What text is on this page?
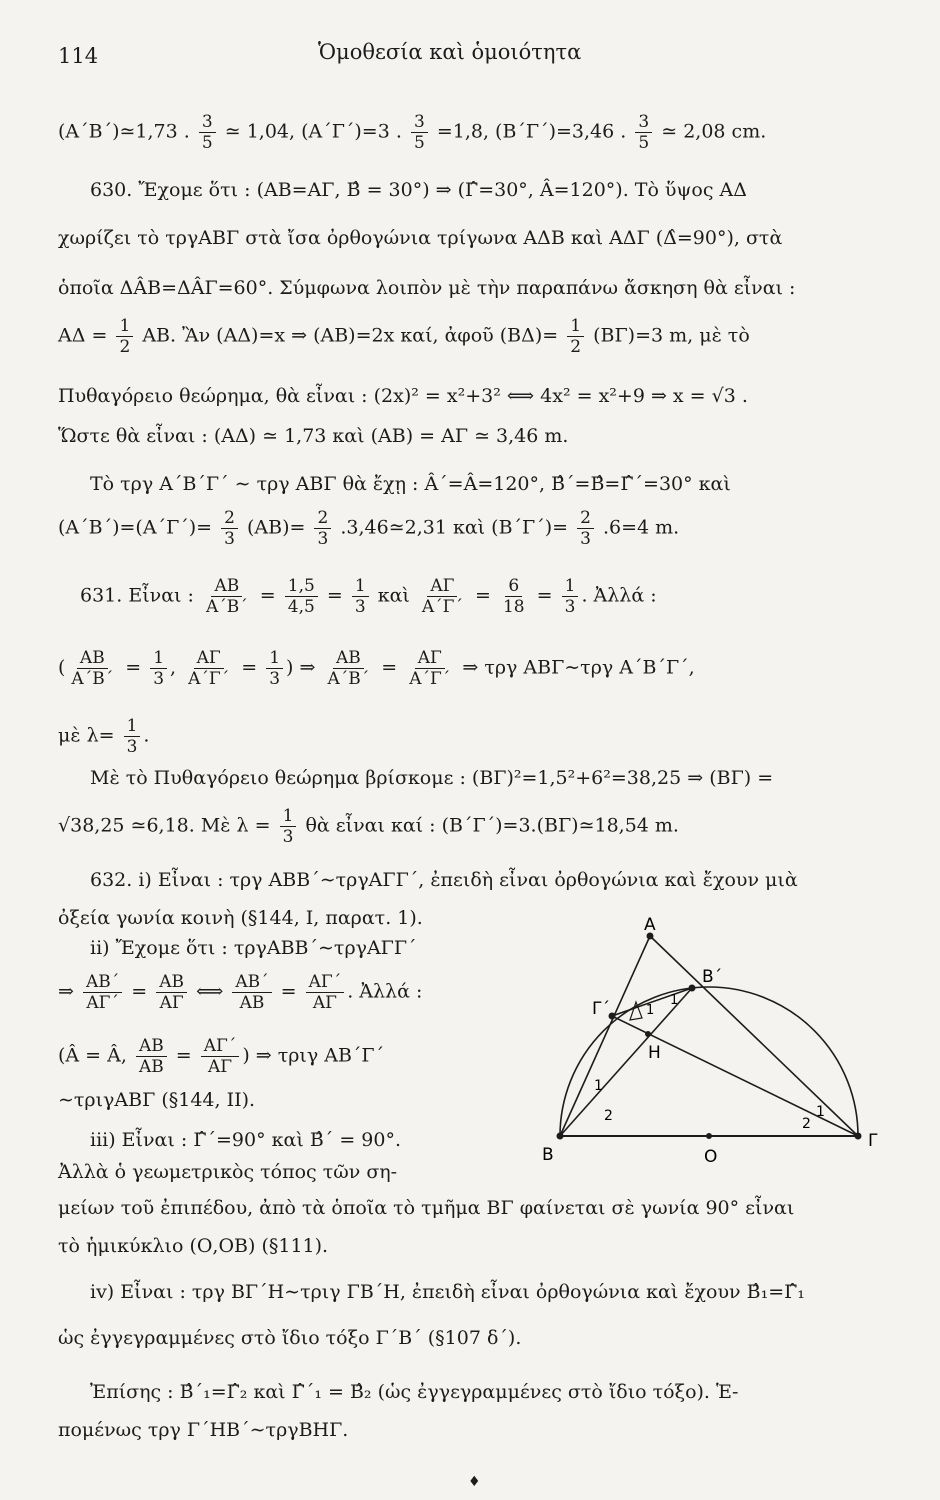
114	Ὁμοθεσία καὶ ὁμοιότητα
(Α΄Β΄)≃1,73 . $\frac{3}{5}$ ≃ 1,04, (Α΄Γ΄)=3 . $\frac{3}{5} =1,8$, (Β΄Γ΄)=3,46 . $\frac{3}{5}$ ≃ 2,08 cm.
630. Ἔχομε ὅτι : (ΑΒ=ΑΓ, Β̂ = 30°) ⇒ (Γ̂=30°, Â=120°). Τὸ ὕψος ΑΔ
χωρίζει τὸ τργΑΒΓ στὰ ἴσα ὀρθογώνια τρίγωνα ΑΔΒ καὶ ΑΔΓ (Δ̂=90°), στὰ
ὁποῖα ΔÂΒ=ΔÂΓ=60°. Σύμφωνα λοιπὸν μὲ τὴν παραπάνω ἄσκηση θὰ εἶναι :
$A\Delta = \frac{1}{2} AB$. Ἂν (ΑΔ)=x ⇒ (ΑΒ)=2x καί, ἀφοῦ $(B\Delta)= \frac{1}{2} (B\Gamma)=3$ m, μὲ τὸ
Πυθαγόρειο θεώρημα, θὰ εἶναι : (2x)² = x²+3² ⟺ 4x² = x²+9 ⇒ x = √3 .
Ὥστε θὰ εἶναι : (ΑΔ) ≃ 1,73 καὶ (ΑΒ) = ΑΓ ≃ 3,46 m.
Τὸ τργ Α΄Β΄Γ΄ ∼ τργ ΑΒΓ θὰ ἔχῃ : Â΄=Â=120°, Β̂΄=Β̂=Γ̂΄=30° καὶ
$(A΄B΄)=(A΄\Gamma΄)= \frac{2}{3} (AB)= \frac{2}{3}$ .3,46≃2,31 καὶ $(B΄\Gamma΄)= \frac{2}{3} .6=4$ m.
631. Εἶναι : $\frac{AB}{A΄B΄} = \frac{1,5}{4,5} = \frac{1}{3}$ καὶ $\frac{A\Gamma}{A΄\Gamma΄} = \frac{6}{18} = \frac{1}{3}$ . Ἀλλά :
( $\frac{AB}{A΄B΄} = \frac{1}{3}$ , $\frac{A\Gamma}{A΄\Gamma΄} = \frac{1}{3}$ ) ⇒ $\frac{AB}{A΄B΄} = \frac{A\Gamma}{A΄\Gamma΄}$ ⇒ τργ ΑΒΓ∼τργ Α΄Β΄Γ΄,
μὲ $\lambda= \frac{1}{3}$ .
Μὲ τὸ Πυθαγόρειο θεώρημα βρίσκομε : (ΒΓ)²=1,5²+6²=38,25 ⇒ (ΒΓ) =
√38,25 ≃6,18. Μὲ $\lambda = \frac{1}{3}$ θὰ εἶναι καί : (Β΄Γ΄)=3.(ΒΓ)≃18,54 m.
632. i) Εἶναι : τργ ΑΒΒ΄∼τργΑΓΓ΄, ἐπειδὴ εἶναι ὀρθογώνια καὶ ἔχουν μιὰ
ὀξεία γωνία κοινὴ (§144, I, παρατ. 1).
ii) Ἔχομε ὅτι : τργΑΒΒ΄∼τργΑΓΓ΄
⇒ $\frac{AB΄}{A\Gamma΄} = \frac{AB}{A\Gamma}$ ⟺ $\frac{AB΄}{AB} = \frac{A\Gamma΄}{A\Gamma}$ . Ἀλλά :
(Â = Â, $\frac{AB}{AB} = \frac{A\Gamma΄}{A\Gamma}$ ) ⇒ τριγ ΑΒ΄Γ΄
∼τριγΑΒΓ (§144, II).
iii) Εἶναι : Γ̂΄=90° καὶ Β̂΄ = 90°.
Ἀλλὰ ὁ γεωμετρικὸς τόπος τῶν ση-
μείων τοῦ ἐπιπέδου, ἀπὸ τὰ ὁποῖα τὸ τμῆμα ΒΓ φαίνεται σὲ γωνία 90° εἶναι
τὸ ἡμικύκλιο (Ο,ΟΒ) (§111).
iv) Εἶναι : τργ ΒΓ΄Η∼τριγ ΓΒ΄Η, ἐπειδὴ εἶναι ὀρθογώνια καὶ ἔχουν Β̂₁=Γ̂₁
ὡς ἐγγεγραμμένες στὸ ἴδιο τόξο Γ΄Β΄ (§107 δ΄).
Ἐπίσης : Β̂΄₁=Γ̂₂ καὶ Γ̂΄₁ = Β̂₂ (ὡς ἐγγεγραμμένες στὸ ἴδιο τόξο). Ἑ-
πομένως τργ Γ΄ΗΒ΄∼τργΒΗΓ.
Α
Β΄
Γ΄
Η
Β
Γ
Ο
1
2	1
2
1
1
♦
